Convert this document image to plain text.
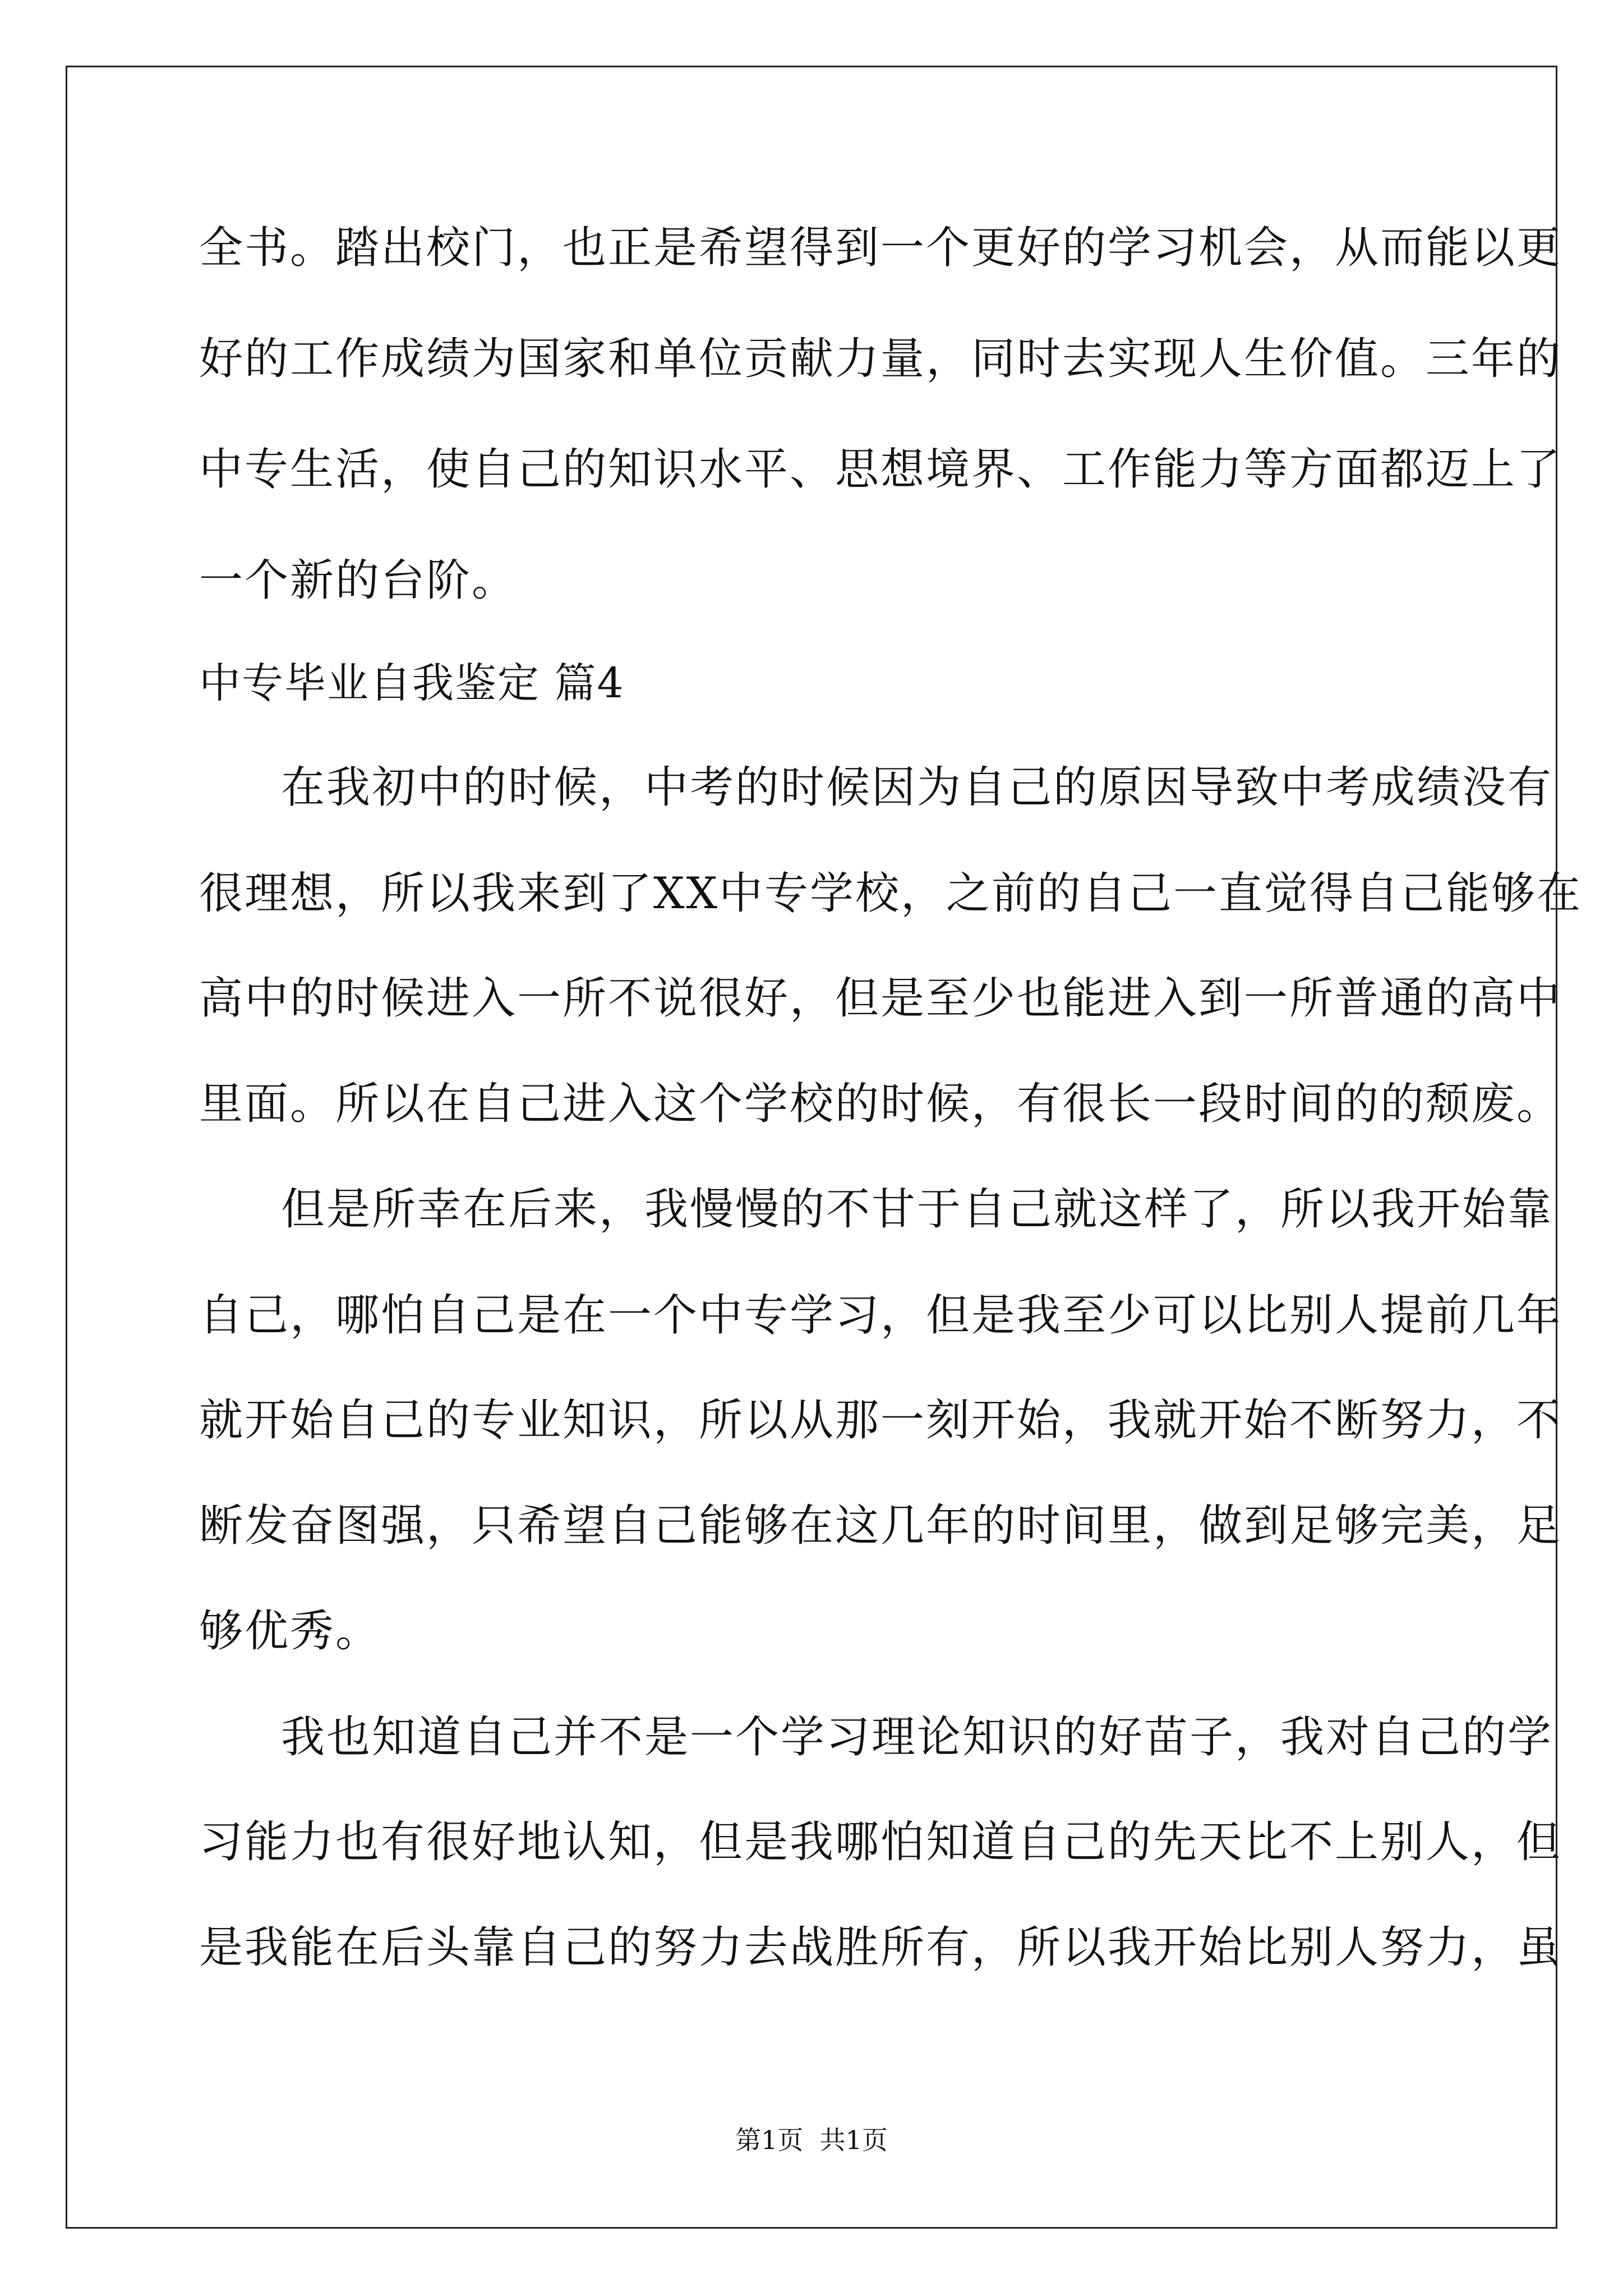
全书。踏出校门，也正是希望得到一个更好的学习机会，从而能以更
好的工作成绩为国家和单位贡献力量，同时去实现人生价值。三年的
中专生活，使自己的知识水平、思想境界、工作能力等方面都迈上了
一个新的台阶。
中专毕业自我鉴定 篇4
在我初中的时候，中考的时候因为自己的原因导致中考成绩没有
很理想，所以我来到了XX中专学校，之前的自己一直觉得自己能够在
高中的时候进入一所不说很好，但是至少也能进入到一所普通的高中
里面。所以在自己进入这个学校的时候，有很长一段时间的的颓废。
但是所幸在后来，我慢慢的不甘于自己就这样了，所以我开始靠
自己，哪怕自己是在一个中专学习，但是我至少可以比别人提前几年
就开始自己的专业知识，所以从那一刻开始，我就开始不断努力，不
断发奋图强，只希望自己能够在这几年的时间里，做到足够完美，足
够优秀。
我也知道自己并不是一个学习理论知识的好苗子，我对自己的学
习能力也有很好地认知，但是我哪怕知道自己的先天比不上别人，但
是我能在后头靠自己的努力去战胜所有，所以我开始比别人努力，虽
第1页  共1页
